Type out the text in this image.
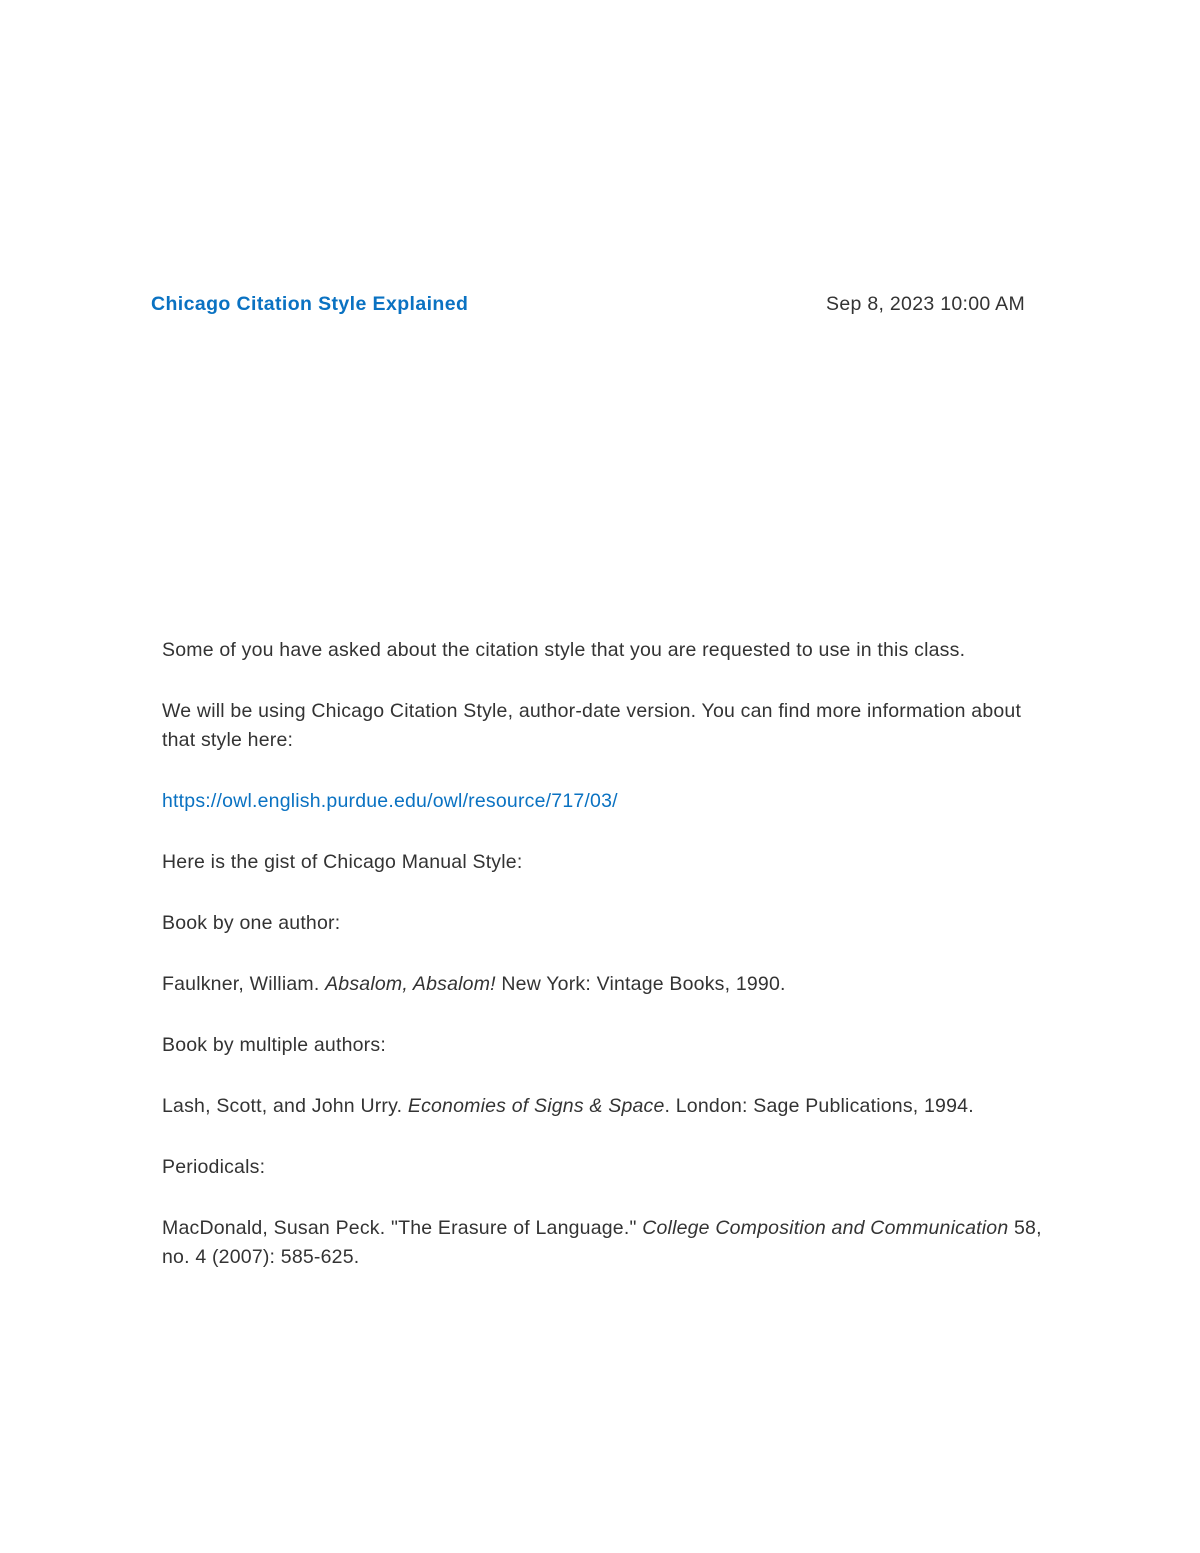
Chicago Citation Style Explained	Sep 8, 2023 10:00 AM

Some of you have asked about the citation style that you are requested to use in this class.

We will be using Chicago Citation Style, author-date version. You can find more information about that style here:

https://owl.english.purdue.edu/owl/resource/717/03/

Here is the gist of Chicago Manual Style:

Book by one author:

Faulkner, William. Absalom, Absalom! New York: Vintage Books, 1990.

Book by multiple authors:

Lash, Scott, and John Urry. Economies of Signs & Space. London: Sage Publications, 1994.

Periodicals:

MacDonald, Susan Peck. "The Erasure of Language." College Composition and Communication 58, no. 4 (2007): 585-625.
